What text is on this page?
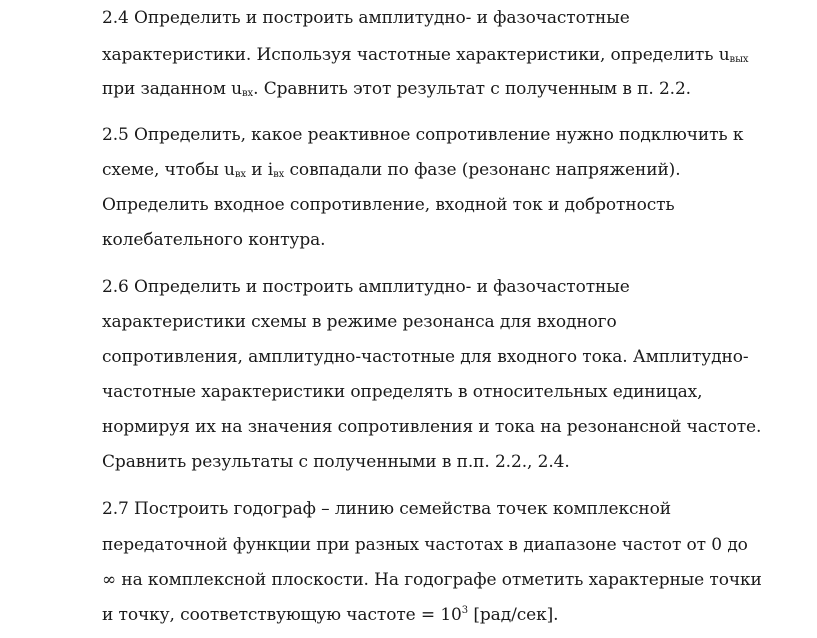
2.4 Определить и построить амплитудно- и фазочастотные
характеристики. Используя частотные характеристики, определить $u_{вых}$
при заданном $u_{вх}$. Сравнить этот результат с полученным в п. 2.2.
2.5 Определить, какое реактивное сопротивление нужно подключить к
схеме, чтобы $u_{вх}$ и $i_{вх}$ совпадали по фазе (резонанс напряжений).
Определить входное сопротивление, входной ток и добротность
колебательного контура.
2.6 Определить и построить амплитудно- и фазочастотные
характеристики схемы в режиме резонанса для входного
сопротивления, амплитудно-частотные для входного тока. Амплитудно-
частотные характеристики определять в относительных единицах,
нормируя их на значения сопротивления и тока на резонансной частоте.
Сравнить результаты с полученными в п.п. 2.2., 2.4.
2.7 Построить годограф – линию семейства точек комплексной
передаточной функции при разных частотах в диапазоне частот от 0 до
∞ на комплексной плоскости. На годографе отметить характерные точки
и точку, соответствующую частоте = $10^3$ [рад/сек].
